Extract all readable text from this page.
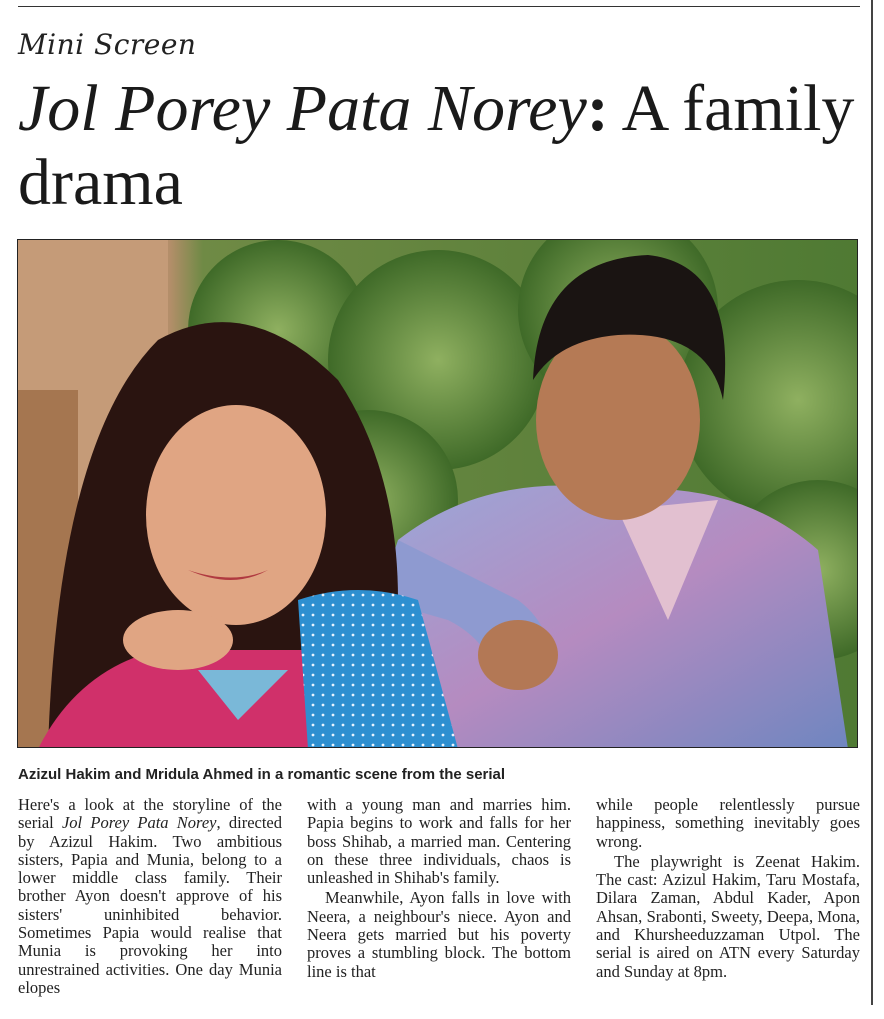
Mini Screen
Jol Porey Pata Norey: A family drama
Azizul Hakim and Mridula Ahmed in a romantic scene from the serial

Here's a look at the storyline of the serial Jol Porey Pata Norey, directed by Azizul Hakim. Two ambitious sisters, Papia and Munia, belong to a lower middle class family. Their brother Ayon doesn't approve of his sisters' uninhibited behavior. Sometimes Papia would realise that Munia is provoking her into unrestrained activities. One day Munia elopes

with a young man and marries him. Papia begins to work and falls for her boss Shihab, a married man. Centering on these three individuals, chaos is unleashed in Shihab's family.

Meanwhile, Ayon falls in love with Neera, a neighbour's niece. Ayon and Neera gets married but his poverty proves a stumbling block. The bottom line is that

while people relentlessly pursue happiness, something inevitably goes wrong.

The playwright is Zeenat Hakim. The cast: Azizul Hakim, Taru Mostafa, Dilara Zaman, Abdul Kader, Apon Ahsan, Srabonti, Sweety, Deepa, Mona, and Khursheeduzzaman Utpol. The serial is aired on ATN every Saturday and Sunday at 8pm.
